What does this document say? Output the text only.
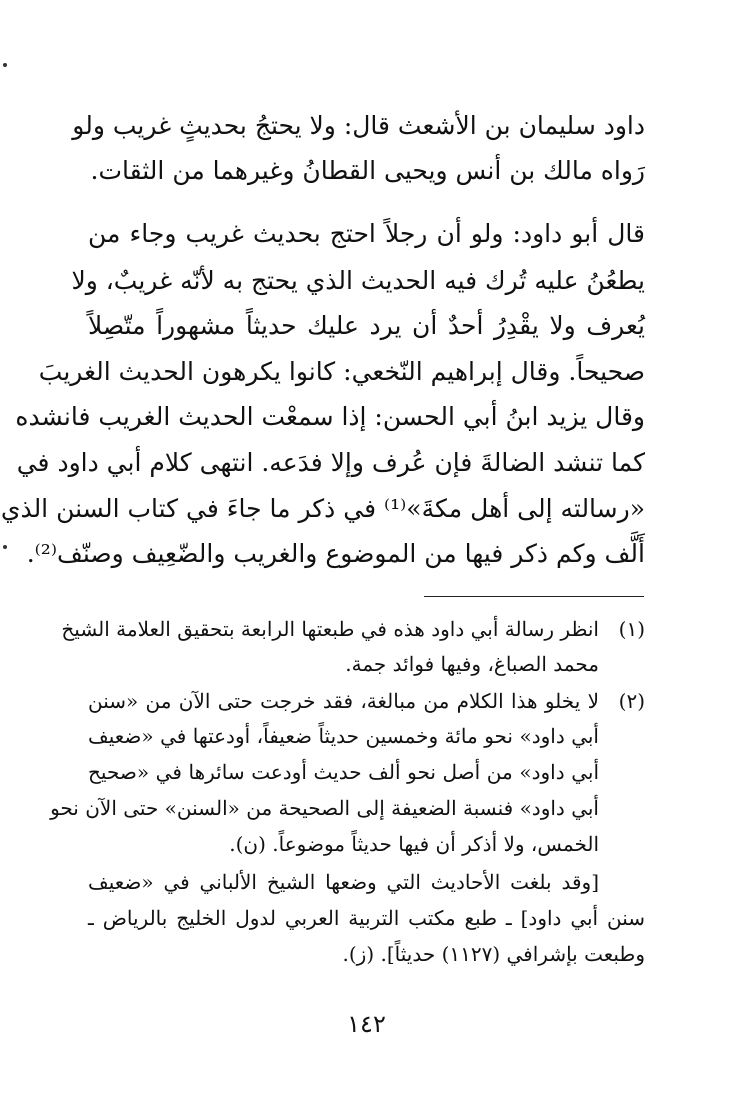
داود سليمان بن الأشعث قال: ولا يحتجُ بحديثٍ غريب ولو
رَواه مالك بن أنس ويحيى القطانُ وغيرهما من الثقات.
قال أبو داود: ولو أن رجلاً احتج بحديث غريب وجاء من
يطعُنُ عليه تُرك فيه الحديث الذي يحتج به لأنّه غريبٌ، ولا
يُعرف ولا يقْدِرُ أحدٌ أن يرد عليك حديثاً مشهوراً متّصِلاً
صحيحاً. وقال إبراهيم النّخعي: كانوا يكرهون الحديث الغريبَ
وقال يزيد ابنُ أبي الحسن: إذا سمعْت الحديث الغريب فانشده
كما تنشد الضالةَ فإن عُرف وإلا فدَعه. انتهى كلام أبي داود في
«رسالته إلى أهل مكةَ»⁽¹⁾ في ذكر ما جاءَ في كتاب السنن الذي
أَلَّف وكم ذكر فيها من الموضوع والغريب والضّعِيف وصنّف⁽²⁾.
(١)
انظر رسالة أبي داود هذه في طبعتها الرابعة بتحقيق العلامة الشيخ
محمد الصباغ، وفيها فوائد جمة.
(٢)
لا يخلو هذا الكلام من مبالغة، فقد خرجت حتى الآن من «سنن
أبي داود» نحو مائة وخمسين حديثاً ضعيفاً، أودعتها في «ضعيف
أبي داود» من أصل نحو ألف حديث أودعت سائرها في «صحيح
أبي داود» فنسبة الضعيفة إلى الصحيحة من «السنن» حتى الآن نحو
الخمس، ولا أذكر أن فيها حديثاً موضوعاً. (ن).
[وقد بلغت الأحاديث التي وضعها الشيخ الألباني في «ضعيف
سنن أبي داود] ـ طبع مكتب التربية العربي لدول الخليج بالرياض ـ
وطبعت بإشرافي (١١٢٧) حديثاً]. (ز).
١٤٢
